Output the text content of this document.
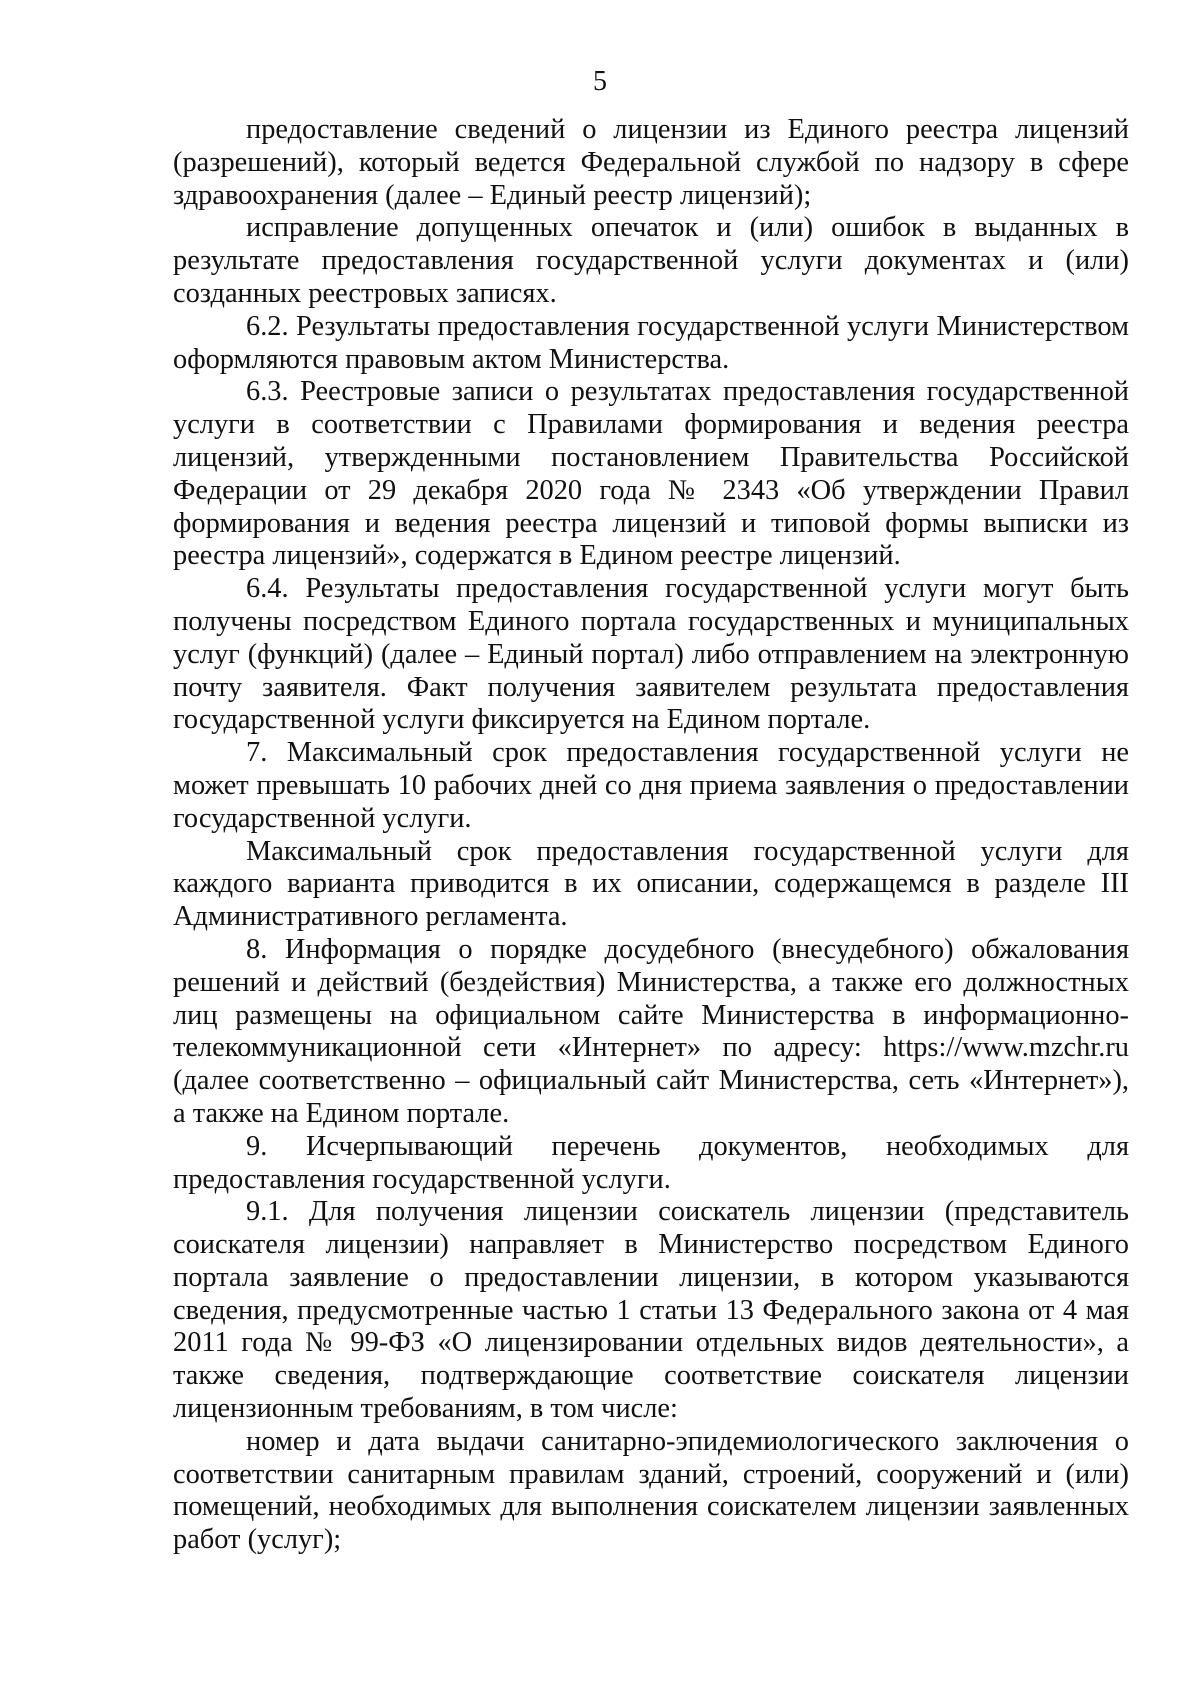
5

предоставление сведений о лицензии из Единого реестра лицензий (разрешений), который ведется Федеральной службой по надзору в сфере здравоохранения (далее – Единый реестр лицензий);

исправление допущенных опечаток и (или) ошибок в выданных в результате предоставления государственной услуги документах и (или) созданных реестровых записях.

6.2. Результаты предоставления государственной услуги Министерством оформляются правовым актом Министерства.

6.3. Реестровые записи о результатах предоставления государственной услуги в соответствии с Правилами формирования и ведения реестра лицензий, утвержденными постановлением Правительства Российской Федерации от 29 декабря 2020 года № 2343 «Об утверждении Правил формирования и ведения реестра лицензий и типовой формы выписки из реестра лицензий», содержатся в Едином реестре лицензий.

6.4. Результаты предоставления государственной услуги могут быть получены посредством Единого портала государственных и муниципальных услуг (функций) (далее – Единый портал) либо отправлением на электронную почту заявителя. Факт получения заявителем результата предоставления государственной услуги фиксируется на Едином портале.

7. Максимальный срок предоставления государственной услуги не может превышать 10 рабочих дней со дня приема заявления о предоставлении государственной услуги.

Максимальный срок предоставления государственной услуги для каждого варианта приводится в их описании, содержащемся в разделе III Административного регламента.

8. Информация о порядке досудебного (внесудебного) обжалования решений и действий (бездействия) Министерства, а также его должностных лиц размещены на официальном сайте Министерства в информационно-телекоммуникационной сети «Интернет» по адресу: https://www.mzchr.ru (далее соответственно – официальный сайт Министерства, сеть «Интернет»), а также на Едином портале.

9. Исчерпывающий перечень документов, необходимых для предоставления государственной услуги.

9.1. Для получения лицензии соискатель лицензии (представитель соискателя лицензии) направляет в Министерство посредством Единого портала заявление о предоставлении лицензии, в котором указываются сведения, предусмотренные частью 1 статьи 13 Федерального закона от 4 мая 2011 года № 99-ФЗ «О лицензировании отдельных видов деятельности», а также сведения, подтверждающие соответствие соискателя лицензии лицензионным требованиям, в том числе:

номер и дата выдачи санитарно-эпидемиологического заключения о соответствии санитарным правилам зданий, строений, сооружений и (или) помещений, необходимых для выполнения соискателем лицензии заявленных работ (услуг);
